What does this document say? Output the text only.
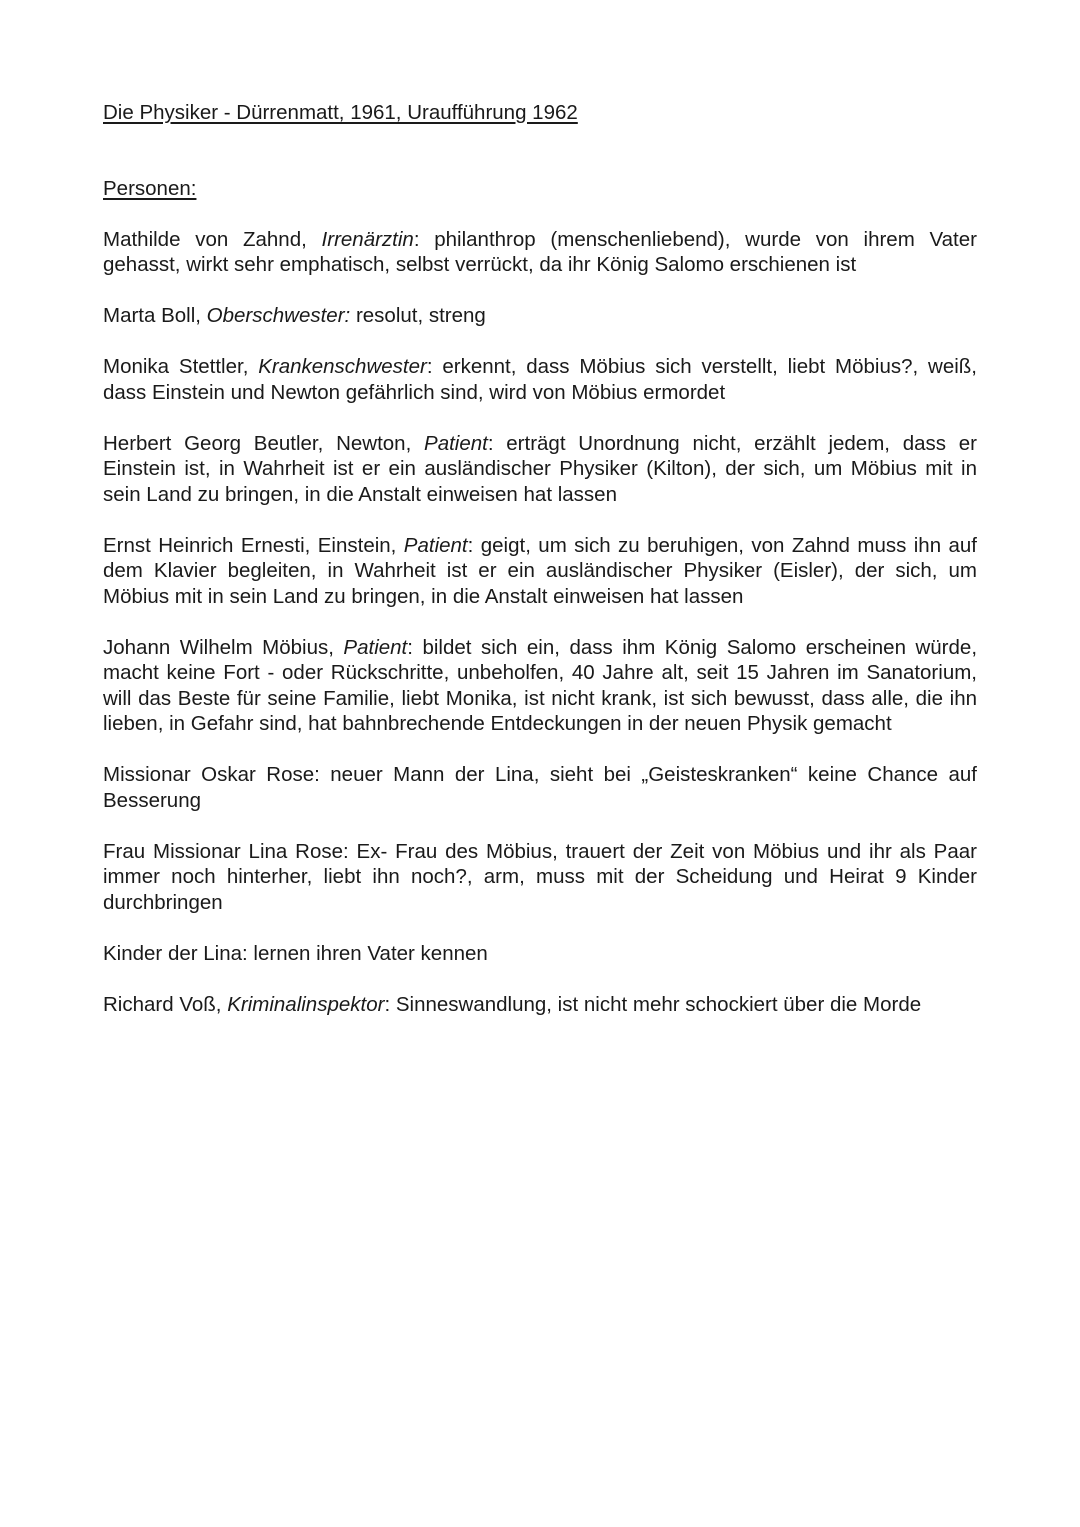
Die Physiker - Dürrenmatt, 1961, Uraufführung 1962

Personen:

Mathilde von Zahnd, Irrenärztin: philanthrop (menschenliebend), wurde von ihrem Vater gehasst, wirkt sehr emphatisch, selbst verrückt, da ihr König Salomo erschienen ist

Marta Boll, Oberschwester: resolut, streng

Monika Stettler, Krankenschwester: erkennt, dass Möbius sich verstellt, liebt Möbius?, weiß, dass Einstein und Newton gefährlich sind, wird von Möbius ermordet

Herbert Georg Beutler, Newton, Patient: erträgt Unordnung nicht, erzählt jedem, dass er Einstein ist, in Wahrheit ist er ein ausländischer Physiker (Kilton), der sich, um Möbius mit in sein Land zu bringen, in die Anstalt einweisen hat lassen

Ernst Heinrich Ernesti, Einstein, Patient: geigt, um sich zu beruhigen, von Zahnd muss ihn auf dem Klavier begleiten, in Wahrheit ist er ein ausländischer Physiker (Eisler), der sich, um Möbius mit in sein Land zu bringen, in die Anstalt einweisen hat lassen

Johann Wilhelm Möbius, Patient: bildet sich ein, dass ihm König Salomo erscheinen würde, macht keine Fort - oder Rückschritte, unbeholfen, 40 Jahre alt, seit 15 Jahren im Sanatorium, will das Beste für seine Familie, liebt Monika, ist nicht krank, ist sich bewusst, dass alle, die ihn lieben, in Gefahr sind, hat bahnbrechende Entdeckungen in der neuen Physik gemacht

Missionar Oskar Rose: neuer Mann der Lina, sieht bei „Geisteskranken“ keine Chance auf Besserung

Frau Missionar Lina Rose: Ex- Frau des Möbius, trauert der Zeit von Möbius und ihr als Paar immer noch hinterher, liebt ihn noch?, arm, muss mit der Scheidung und Heirat 9 Kinder durchbringen

Kinder der Lina: lernen ihren Vater kennen

Richard Voß, Kriminalinspektor: Sinneswandlung, ist nicht mehr schockiert über die Morde
